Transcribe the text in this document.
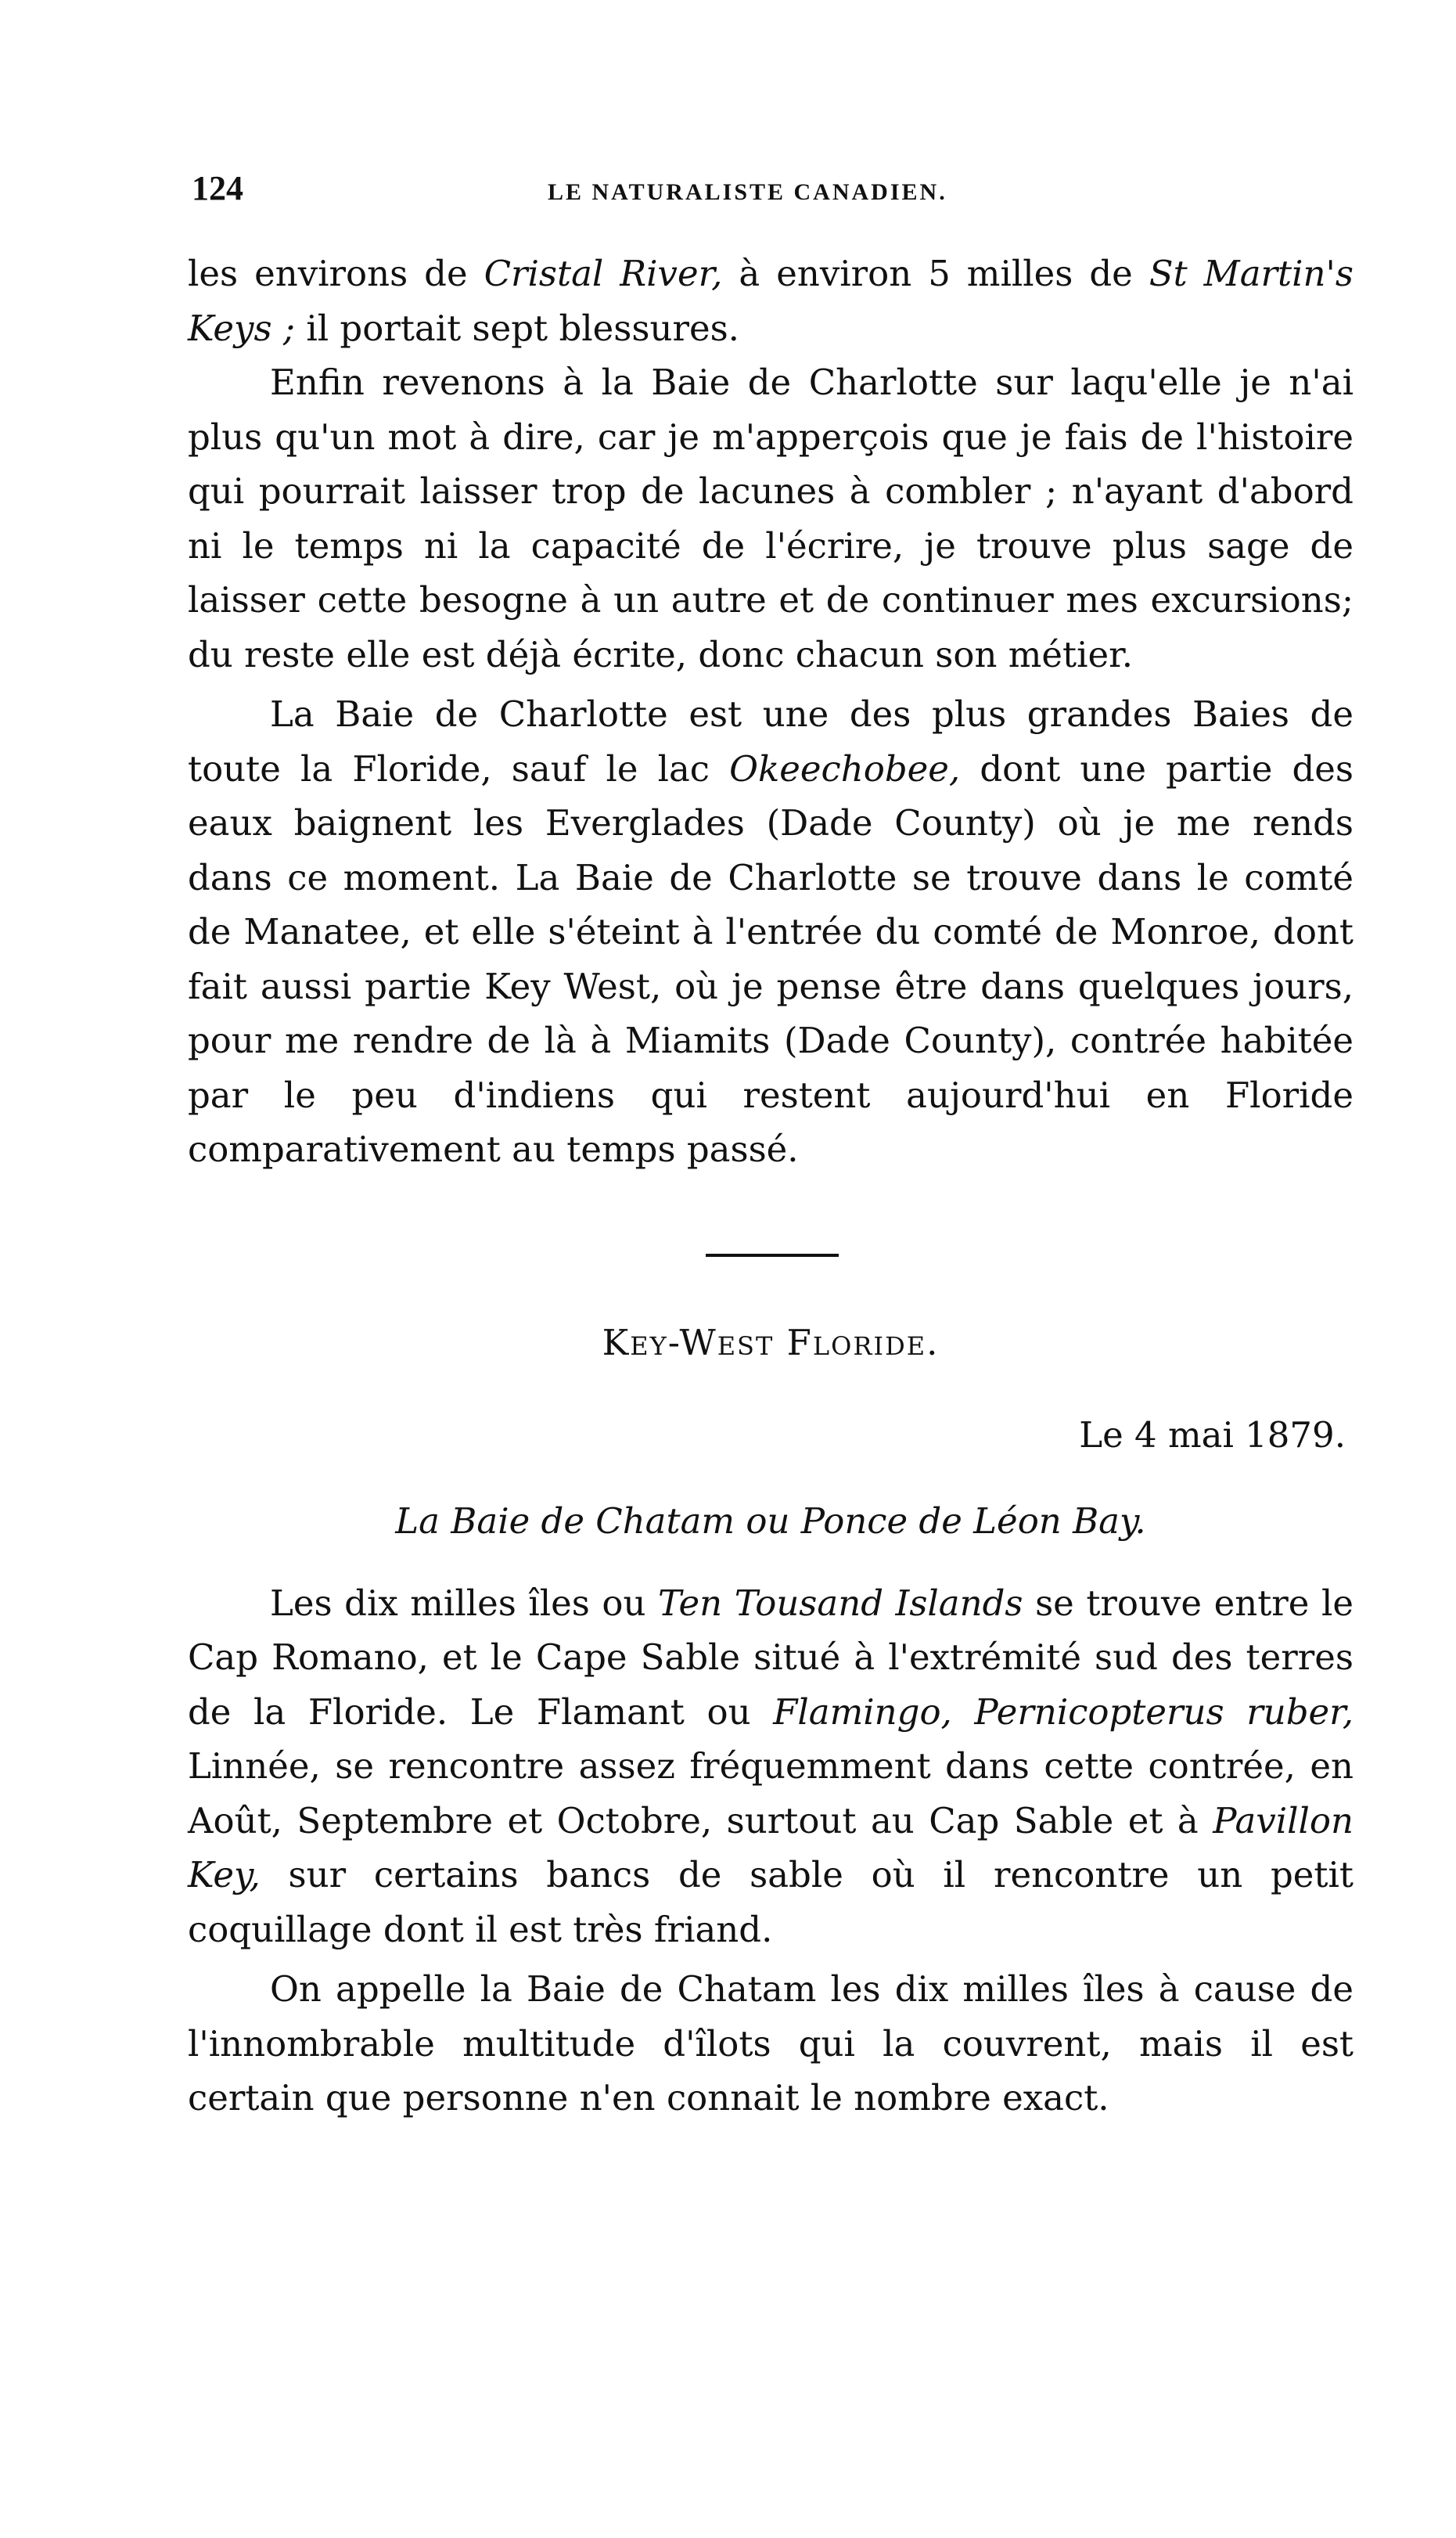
124	LE NATURALISTE CANADIEN.

les environs de Cristal River, à environ 5 milles de St Martin's Keys ; il portait sept blessures.

Enfin revenons à la Baie de Charlotte sur laqu'elle je n'ai plus qu'un mot à dire, car je m'apperçois que je fais de l'histoire qui pourrait laisser trop de lacunes à combler ; n'ayant d'abord ni le temps ni la capacité de l'écrire, je trouve plus sage de laisser cette besogne à un autre et de continuer mes excursions; du reste elle est déjà écrite, donc chacun son métier.

La Baie de Charlotte est une des plus grandes Baies de toute la Floride, sauf le lac Okeechobee, dont une partie des eaux baignent les Everglades (Dade County) où je me rends dans ce moment. La Baie de Charlotte se trouve dans le comté de Manatee, et elle s'éteint à l'entrée du comté de Monroe, dont fait aussi partie Key West, où je pense être dans quelques jours, pour me rendre de là à Miamits (Dade County), contrée habitée par le peu d'indiens qui restent aujourd'hui en Floride comparativement au temps passé.

Key-West Floride.
Le 4 mai 1879.
La Baie de Chatam ou Ponce de Léon Bay.

Les dix milles îles ou Ten Tousand Islands se trouve entre le Cap Romano, et le Cape Sable situé à l'extrémité sud des terres de la Floride. Le Flamant ou Flamingo, Pernicopterus ruber, Linnée, se rencontre assez fréquemment dans cette contrée, en Août, Septembre et Octobre, surtout au Cap Sable et à Pavillon Key, sur certains bancs de sable où il rencontre un petit coquillage dont il est très friand.

On appelle la Baie de Chatam les dix milles îles à cause de l'innombrable multitude d'îlots qui la couvrent, mais il est certain que personne n'en connait le nombre exact.
